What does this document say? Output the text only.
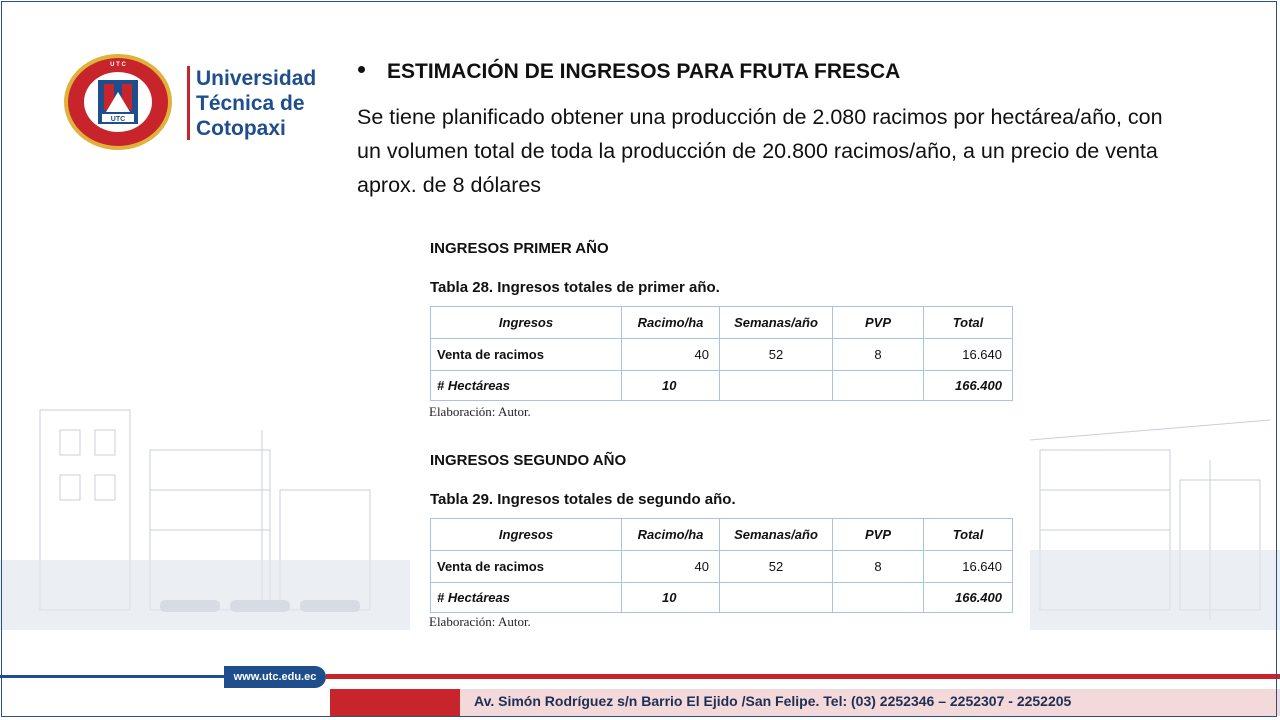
UTC
U T C
Universidad
Técnica de
Cotopaxi
ESTIMACIÓN DE INGRESOS PARA FRUTA FRESCA
Se tiene planificado obtener una producción de 2.080 racimos por hectárea/año, con un volumen total de toda la producción de 20.800 racimos/año, a un precio de venta aprox. de 8 dólares
INGRESOS PRIMER AÑO
Tabla 28. Ingresos totales de primer año.
Ingresos	Racimo/ha	Semanas/año	PVP	Total
Venta de racimos	40	52	8	16.640
# Hectáreas	10			166.400
Elaboración: Autor.
INGRESOS SEGUNDO AÑO
Tabla 29. Ingresos totales de segundo año.
Ingresos	Racimo/ha	Semanas/año	PVP	Total
Venta de racimos	40	52	8	16.640
# Hectáreas	10			166.400
Elaboración: Autor.
www.utc.edu.ec
Av. Simón Rodríguez s/n Barrio El Ejido /San Felipe. Tel: (03) 2252346 – 2252307 - 2252205
